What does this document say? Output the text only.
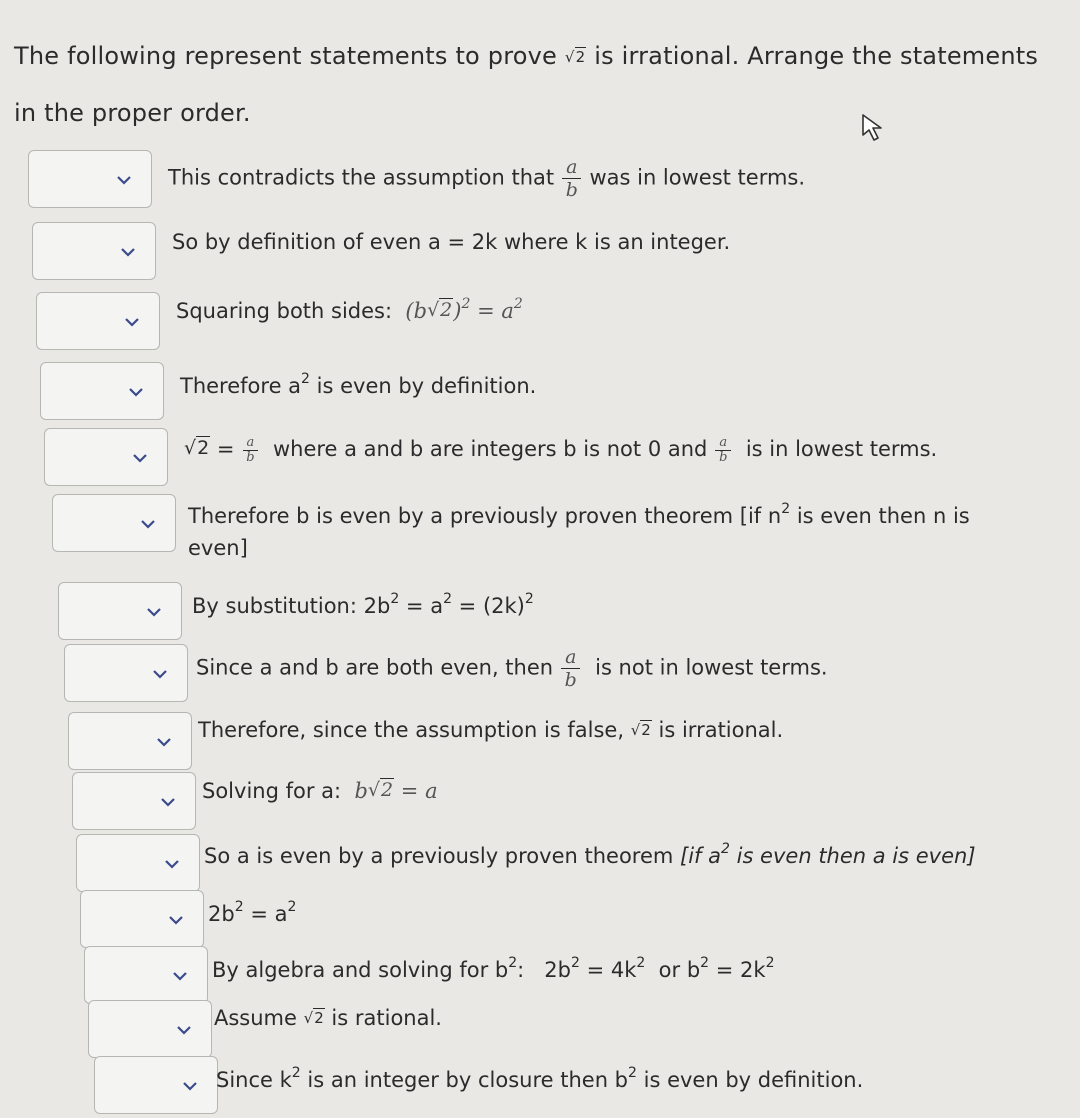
The following represent statements to prove √2 is irrational. Arrange the statements in the proper order.
This contradicts the assumption that $\frac{a}{b}$ was in lowest terms.
So by definition of even a = 2k where k is an integer.
Squaring both sides: $(b√2)^2 = a^2$
Therefore $a^2$ is even by definition.
$√2 = \frac{a}{b}$ where a and b are integers b is not 0 and $\frac{a}{b}$ is in lowest terms.
Therefore b is even by a previously proven theorem [if $n^2$ is even then n is even]
By substitution: $2b^2 = a^2 = (2k)^2$
Since a and b are both even, then $\frac{a}{b}$ is not in lowest terms.
Therefore, since the assumption is false, √2 is irrational.
Solving for a: b√2 = a
So a is even by a previously proven theorem [if $a^2$ is even then a is even]
$2b^2 = a^2$
By algebra and solving for $b^2$: $2b^2 = 4k^2$ or $b^2 = 2k^2$
Assume √2 is rational.
Since $k^2$ is an integer by closure then $b^2$ is even by definition.
